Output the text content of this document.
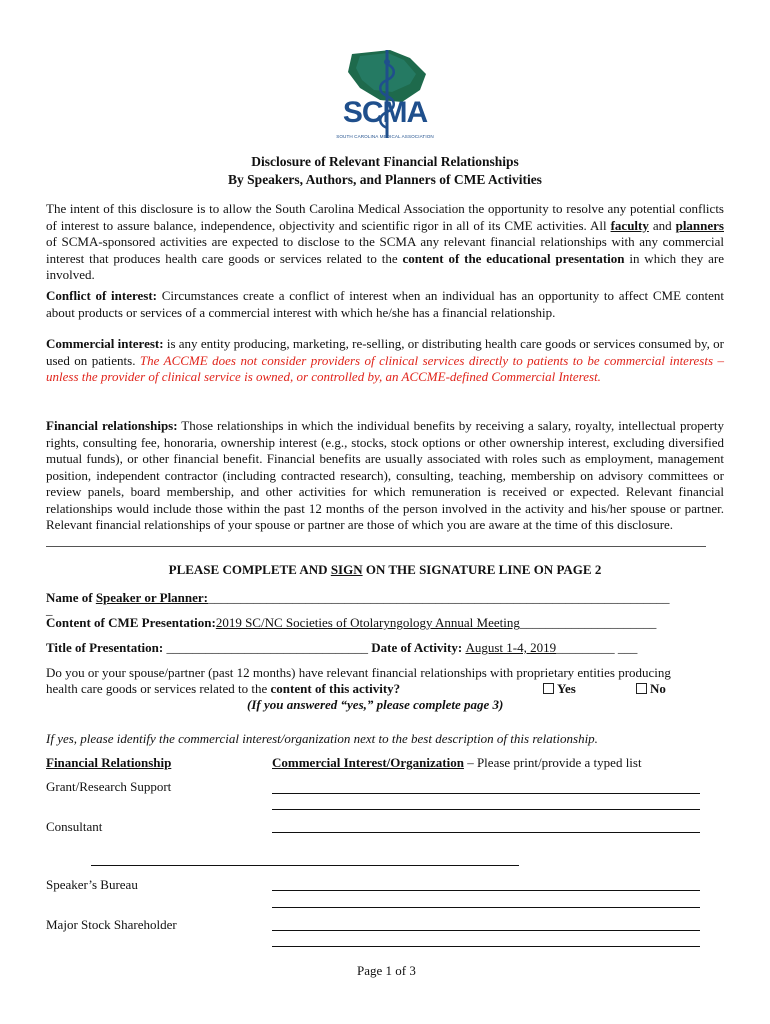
SCMA
SOUTH CAROLINA MEDICAL ASSOCIATION
Disclosure of Relevant Financial Relationships
By Speakers, Authors, and Planners of CME Activities
The intent of this disclosure is to allow the South Carolina Medical Association the opportunity to resolve any potential conflicts of interest to assure balance, independence, objectivity and scientific rigor in all of its CME activities. All faculty and planners of SCMA-sponsored activities are expected to disclose to the SCMA any relevant financial relationships with any commercial interest that produces health care goods or services related to the content of the educational presentation in which they are involved.
Conflict of interest: Circumstances create a conflict of interest when an individual has an opportunity to affect CME content about products or services of a commercial interest with which he/she has a financial relationship.
Commercial interest: is any entity producing, marketing, re-selling, or distributing health care goods or services consumed by, or used on patients. The ACCME does not consider providers of clinical services directly to patients to be commercial interests – unless the provider of clinical service is owned, or controlled by, an ACCME-defined Commercial Interest.
Financial relationships: Those relationships in which the individual benefits by receiving a salary, royalty, intellectual property rights, consulting fee, honoraria, ownership interest (e.g., stocks, stock options or other ownership interest, excluding diversified mutual funds), or other financial benefit. Financial benefits are usually associated with roles such as employment, management position, independent contractor (including contracted research), consulting, teaching, membership on advisory committees or review panels, board membership, and other activities for which remuneration is received or expected. Relevant financial relationships would include those within the past 12 months of the person involved in the activity and his/her spouse or partner. Relevant financial relationships of your spouse or partner are those of which you are aware at the time of this disclosure.
PLEASE COMPLETE AND SIGN ON THE SIGNATURE LINE ON PAGE 2
Name of Speaker or Planner:_______________________________________________________________________
_
Content of CME Presentation:2019 SC/NC Societies of Otolaryngology Annual Meeting_____________________
Title of Presentation: _______________________________ Date of Activity: August 1-4, 2019_________ ___
Do you or your spouse/partner (past 12 months) have relevant financial relationships with proprietary entities producing
health care goods or services related to the content of this activity?	Yes	No
(If you answered “yes,” please complete page 3)
If yes, please identify the commercial interest/organization next to the best description of this relationship.
Financial Relationship	Commercial Interest/Organization – Please print/provide a typed list
Grant/Research Support
Consultant
Speaker’s Bureau
Major Stock Shareholder
Page 1 of 3
